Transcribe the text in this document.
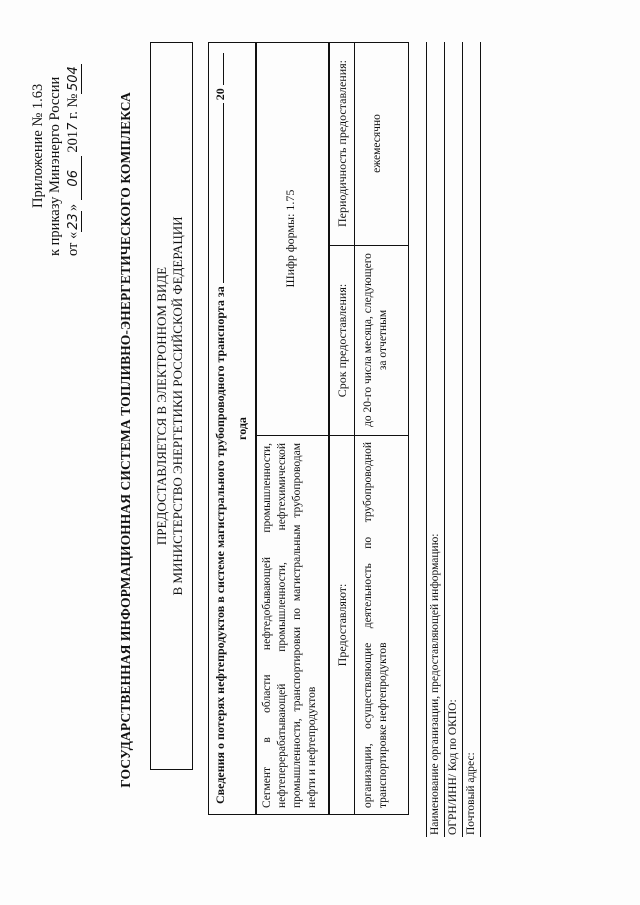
Приложение № 1.63 к приказу Минэнерго России от «23» 06 2017 г. №504
ГОСУДАРСТВЕННАЯ ИНФОРМАЦИОННАЯ СИСТЕМА ТОПЛИВНО-ЭНЕРГЕТИЧЕСКОГО КОМПЛЕКСА ПРЕДОСТАВЛЯЕТСЯ В ЭЛЕКТРОННОМ ВИДЕ В МИНИСТЕРСТВО ЭНЕРГЕТИКИ РОССИЙСКОЙ ФЕДЕРАЦИИ Сведения о потерях нефтепродуктов в системе магистрального трубопроводного транспорта за  20
года
Сегмент в области нефтедобывающей промышленности, нефтеперерабатывающей промышленности, нефтехимической промышленности, транспортировки по магистральным трубопроводам нефти и нефтепродуктов
Шифр формы: 1.75
Предоставляют:
Срок предоставления:
Периодичность предоставления:
организации, осуществляющие деятельность по трубопроводной транспортировке нефтепродуктов
до 20-го числа месяца, следующего за отчетным
ежемесячно
Наименование организации, предоставляющей информацию: ОГРН/ИНН/ Код по ОКПО: Почтовый адрес:
